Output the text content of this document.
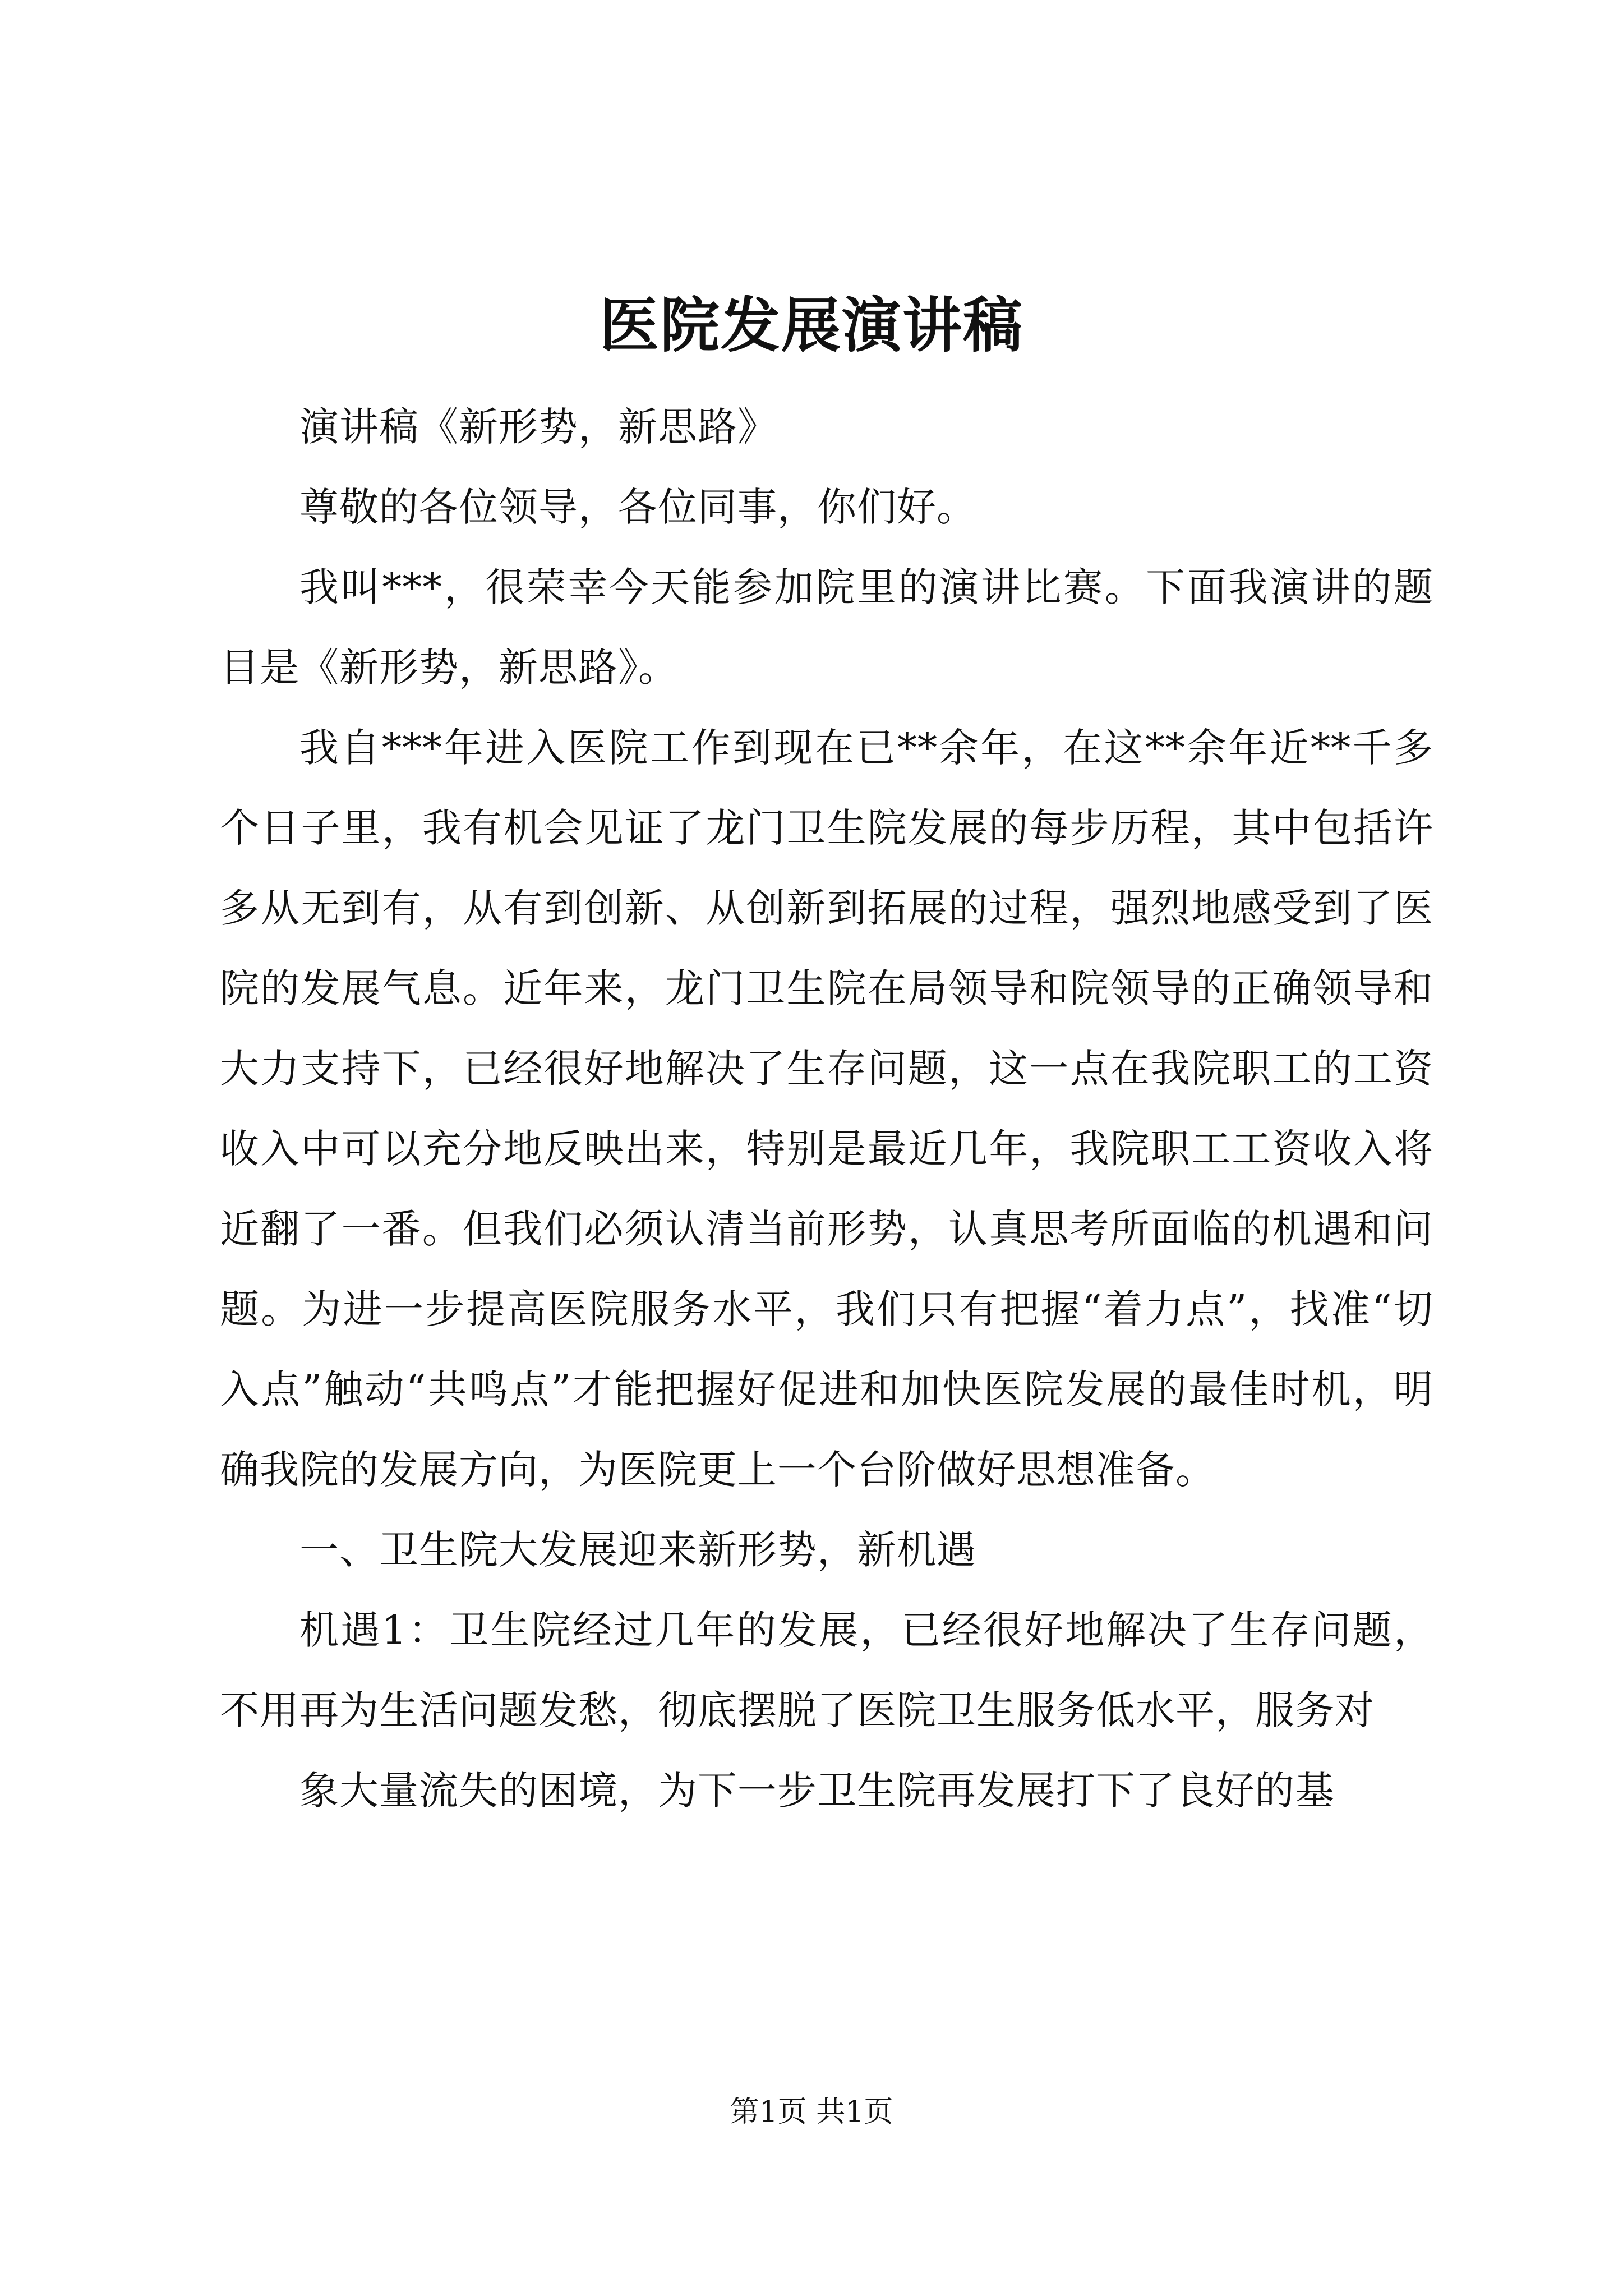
医院发展演讲稿

演讲稿《新形势，新思路》

尊敬的各位领导，各位同事，你们好。

我叫***，很荣幸今天能参加院里的演讲比赛。下面我演讲的题目是《新形势，新思路》。

我自***年进入医院工作到现在已**余年，在这**余年近**千多个日子里，我有机会见证了龙门卫生院发展的每步历程，其中包括许多从无到有，从有到创新、从创新到拓展的过程，强烈地感受到了医院的发展气息。近年来，龙门卫生院在局领导和院领导的正确领导和大力支持下，已经很好地解决了生存问题，这一点在我院职工的工资收入中可以充分地反映出来，特别是最近几年，我院职工工资收入将近翻了一番。但我们必须认清当前形势，认真思考所面临的机遇和问题。为进一步提高医院服务水平，我们只有把握“着力点”，找准“切入点”触动“共鸣点”才能把握好促进和加快医院发展的最佳时机，明确我院的发展方向，为医院更上一个台阶做好思想准备。

一、卫生院大发展迎来新形势，新机遇

机遇1：卫生院经过几年的发展，已经很好地解决了生存问题，不用再为生活问题发愁，彻底摆脱了医院卫生服务低水平，服务对

象大量流失的困境，为下一步卫生院再发展打下了良好的基

第1页 共1页
